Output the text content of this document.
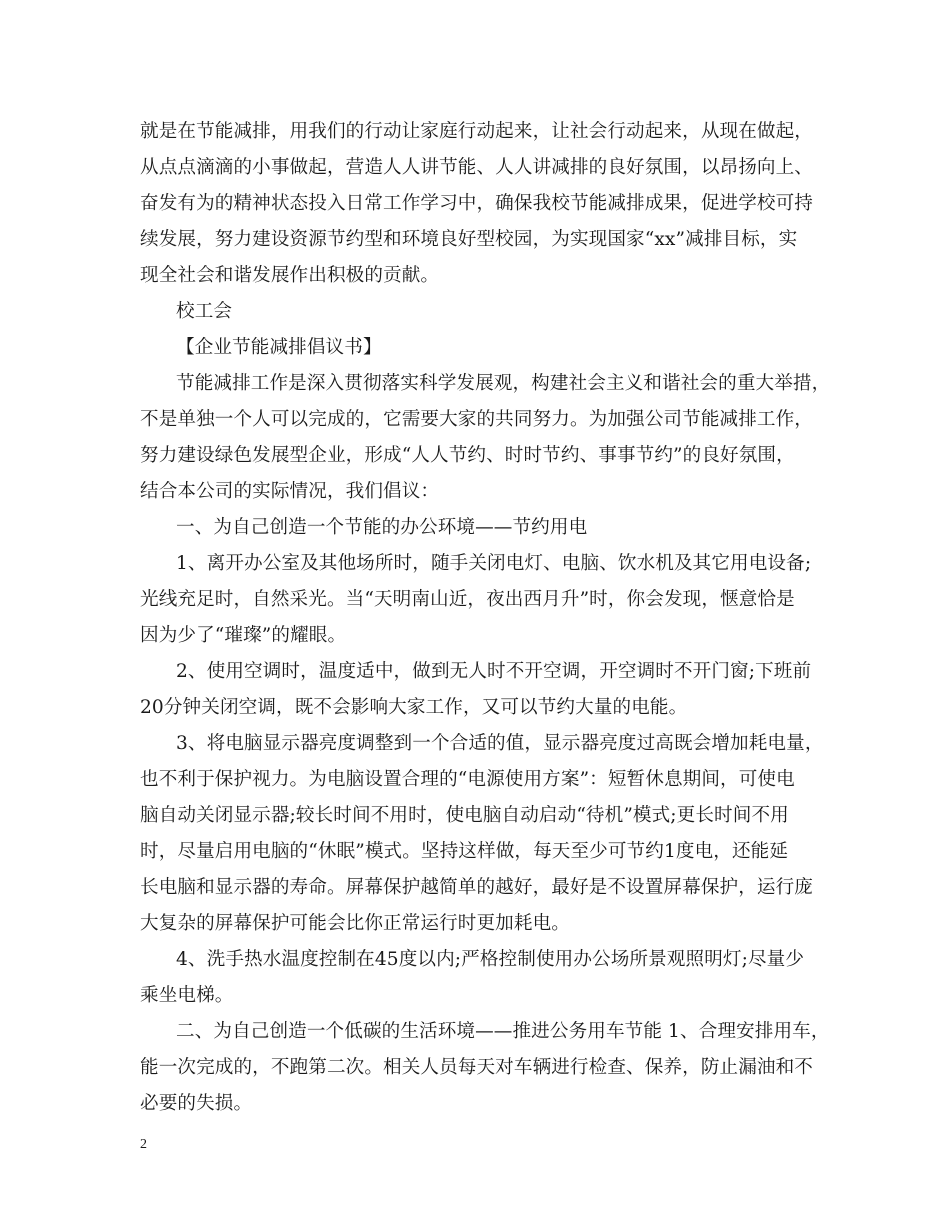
就是在节能减排，用我们的行动让家庭行动起来，让社会行动起来，从现在做起，
从点点滴滴的小事做起，营造人人讲节能、人人讲减排的良好氛围，以昂扬向上、
奋发有为的精神状态投入日常工作学习中，确保我校节能减排成果，促进学校可持
续发展，努力建设资源节约型和环境良好型校园，为实现国家“xx”减排目标，实
现全社会和谐发展作出积极的贡献。
校工会
【企业节能减排倡议书】
节能减排工作是深入贯彻落实科学发展观，构建社会主义和谐社会的重大举措，
不是单独一个人可以完成的，它需要大家的共同努力。为加强公司节能减排工作，
努力建设绿色发展型企业，形成“人人节约、时时节约、事事节约”的良好氛围，
结合本公司的实际情况，我们倡议：
一、为自己创造一个节能的办公环境——节约用电
1、离开办公室及其他场所时，随手关闭电灯、电脑、饮水机及其它用电设备;
光线充足时，自然采光。当“天明南山近，夜出西月升”时，你会发现，惬意恰是
因为少了“璀璨”的耀眼。
2、使用空调时，温度适中，做到无人时不开空调，开空调时不开门窗;下班前
20分钟关闭空调，既不会影响大家工作，又可以节约大量的电能。
3、将电脑显示器亮度调整到一个合适的值，显示器亮度过高既会增加耗电量，
也不利于保护视力。为电脑设置合理的“电源使用方案”：短暂休息期间，可使电
脑自动关闭显示器;较长时间不用时，使电脑自动启动“待机”模式;更长时间不用
时，尽量启用电脑的“休眠”模式。坚持这样做，每天至少可节约1度电，还能延
长电脑和显示器的寿命。屏幕保护越简单的越好，最好是不设置屏幕保护，运行庞
大复杂的屏幕保护可能会比你正常运行时更加耗电。
4、洗手热水温度控制在45度以内;严格控制使用办公场所景观照明灯;尽量少
乘坐电梯。
二、为自己创造一个低碳的生活环境——推进公务用车节能 1、合理安排用车，
能一次完成的，不跑第二次。相关人员每天对车辆进行检查、保养，防止漏油和不
必要的失损。
2
